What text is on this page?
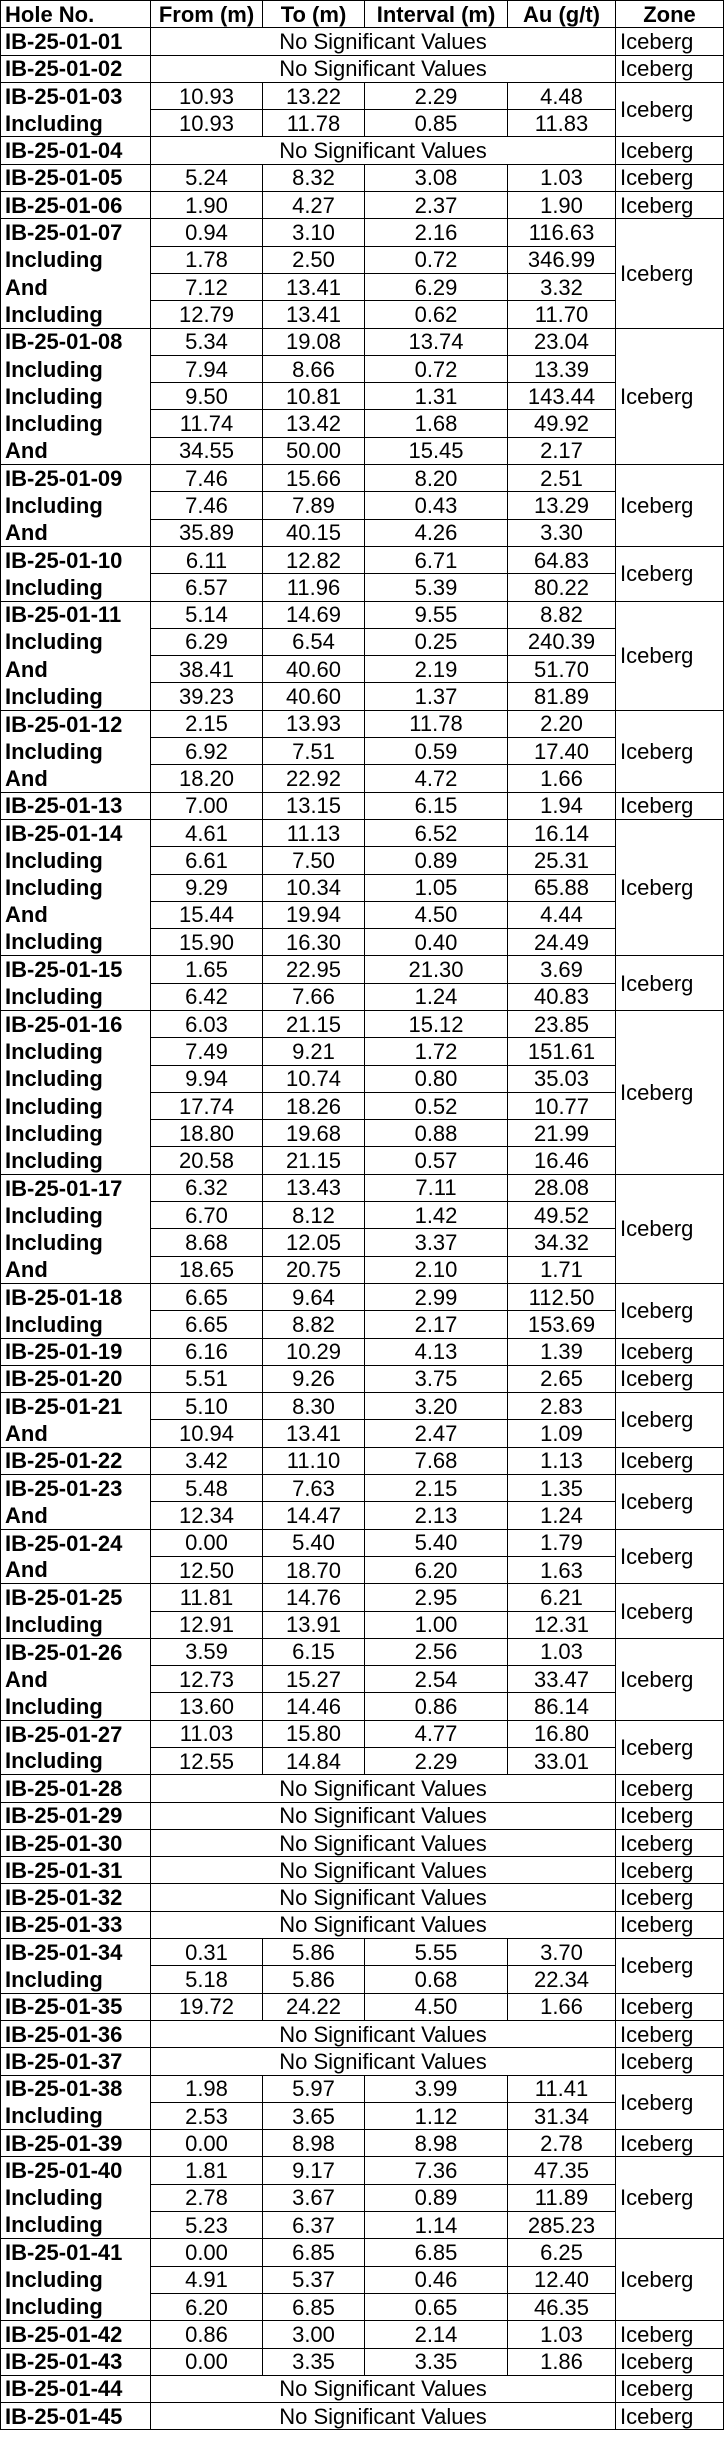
Hole No.	From (m)	To (m)	Interval (m)	Au (g/t)	Zone
IB-25-01-01	No Significant Values				Iceberg
IB-25-01-02	No Significant Values				Iceberg
IB-25-01-03	10.93	13.22	2.29	4.48	Iceberg
Including	10.93	11.78	0.85	11.83	
IB-25-01-04	No Significant Values				Iceberg
IB-25-01-05	5.24	8.32	3.08	1.03	Iceberg
IB-25-01-06	1.90	4.27	2.37	1.90	Iceberg
IB-25-01-07	0.94	3.10	2.16	116.63	Iceberg
Including	1.78	2.50	0.72	346.99	
And	7.12	13.41	6.29	3.32	
Including	12.79	13.41	0.62	11.70	
IB-25-01-08	5.34	19.08	13.74	23.04	Iceberg
Including	7.94	8.66	0.72	13.39	
Including	9.50	10.81	1.31	143.44	
Including	11.74	13.42	1.68	49.92	
And	34.55	50.00	15.45	2.17	
IB-25-01-09	7.46	15.66	8.20	2.51	Iceberg
Including	7.46	7.89	0.43	13.29	
And	35.89	40.15	4.26	3.30	
IB-25-01-10	6.11	12.82	6.71	64.83	Iceberg
Including	6.57	11.96	5.39	80.22	
IB-25-01-11	5.14	14.69	9.55	8.82	Iceberg
Including	6.29	6.54	0.25	240.39	
And	38.41	40.60	2.19	51.70	
Including	39.23	40.60	1.37	81.89	
IB-25-01-12	2.15	13.93	11.78	2.20	Iceberg
Including	6.92	7.51	0.59	17.40	
And	18.20	22.92	4.72	1.66	
IB-25-01-13	7.00	13.15	6.15	1.94	Iceberg
IB-25-01-14	4.61	11.13	6.52	16.14	Iceberg
Including	6.61	7.50	0.89	25.31	
Including	9.29	10.34	1.05	65.88	
And	15.44	19.94	4.50	4.44	
Including	15.90	16.30	0.40	24.49	
IB-25-01-15	1.65	22.95	21.30	3.69	Iceberg
Including	6.42	7.66	1.24	40.83	
IB-25-01-16	6.03	21.15	15.12	23.85	Iceberg
Including	7.49	9.21	1.72	151.61	
Including	9.94	10.74	0.80	35.03	
Including	17.74	18.26	0.52	10.77	
Including	18.80	19.68	0.88	21.99	
Including	20.58	21.15	0.57	16.46	
IB-25-01-17	6.32	13.43	7.11	28.08	Iceberg
Including	6.70	8.12	1.42	49.52	
Including	8.68	12.05	3.37	34.32	
And	18.65	20.75	2.10	1.71	
IB-25-01-18	6.65	9.64	2.99	112.50	Iceberg
Including	6.65	8.82	2.17	153.69	
IB-25-01-19	6.16	10.29	4.13	1.39	Iceberg
IB-25-01-20	5.51	9.26	3.75	2.65	Iceberg
IB-25-01-21	5.10	8.30	3.20	2.83	Iceberg
And	10.94	13.41	2.47	1.09	
IB-25-01-22	3.42	11.10	7.68	1.13	Iceberg
IB-25-01-23	5.48	7.63	2.15	1.35	Iceberg
And	12.34	14.47	2.13	1.24	
IB-25-01-24	0.00	5.40	5.40	1.79	Iceberg
And	12.50	18.70	6.20	1.63	
IB-25-01-25	11.81	14.76	2.95	6.21	Iceberg
Including	12.91	13.91	1.00	12.31	
IB-25-01-26	3.59	6.15	2.56	1.03	Iceberg
And	12.73	15.27	2.54	33.47	
Including	13.60	14.46	0.86	86.14	
IB-25-01-27	11.03	15.80	4.77	16.80	Iceberg
Including	12.55	14.84	2.29	33.01	
IB-25-01-28	No Significant Values				Iceberg
IB-25-01-29	No Significant Values				Iceberg
IB-25-01-30	No Significant Values				Iceberg
IB-25-01-31	No Significant Values				Iceberg
IB-25-01-32	No Significant Values				Iceberg
IB-25-01-33	No Significant Values				Iceberg
IB-25-01-34	0.31	5.86	5.55	3.70	Iceberg
Including	5.18	5.86	0.68	22.34	
IB-25-01-35	19.72	24.22	4.50	1.66	Iceberg
IB-25-01-36	No Significant Values				Iceberg
IB-25-01-37	No Significant Values				Iceberg
IB-25-01-38	1.98	5.97	3.99	11.41	Iceberg
Including	2.53	3.65	1.12	31.34	
IB-25-01-39	0.00	8.98	8.98	2.78	Iceberg
IB-25-01-40	1.81	9.17	7.36	47.35	Iceberg
Including	2.78	3.67	0.89	11.89	
Including	5.23	6.37	1.14	285.23	
IB-25-01-41	0.00	6.85	6.85	6.25	Iceberg
Including	4.91	5.37	0.46	12.40	
Including	6.20	6.85	0.65	46.35	
IB-25-01-42	0.86	3.00	2.14	1.03	Iceberg
IB-25-01-43	0.00	3.35	3.35	1.86	Iceberg
IB-25-01-44	No Significant Values				Iceberg
IB-25-01-45	No Significant Values				Iceberg
